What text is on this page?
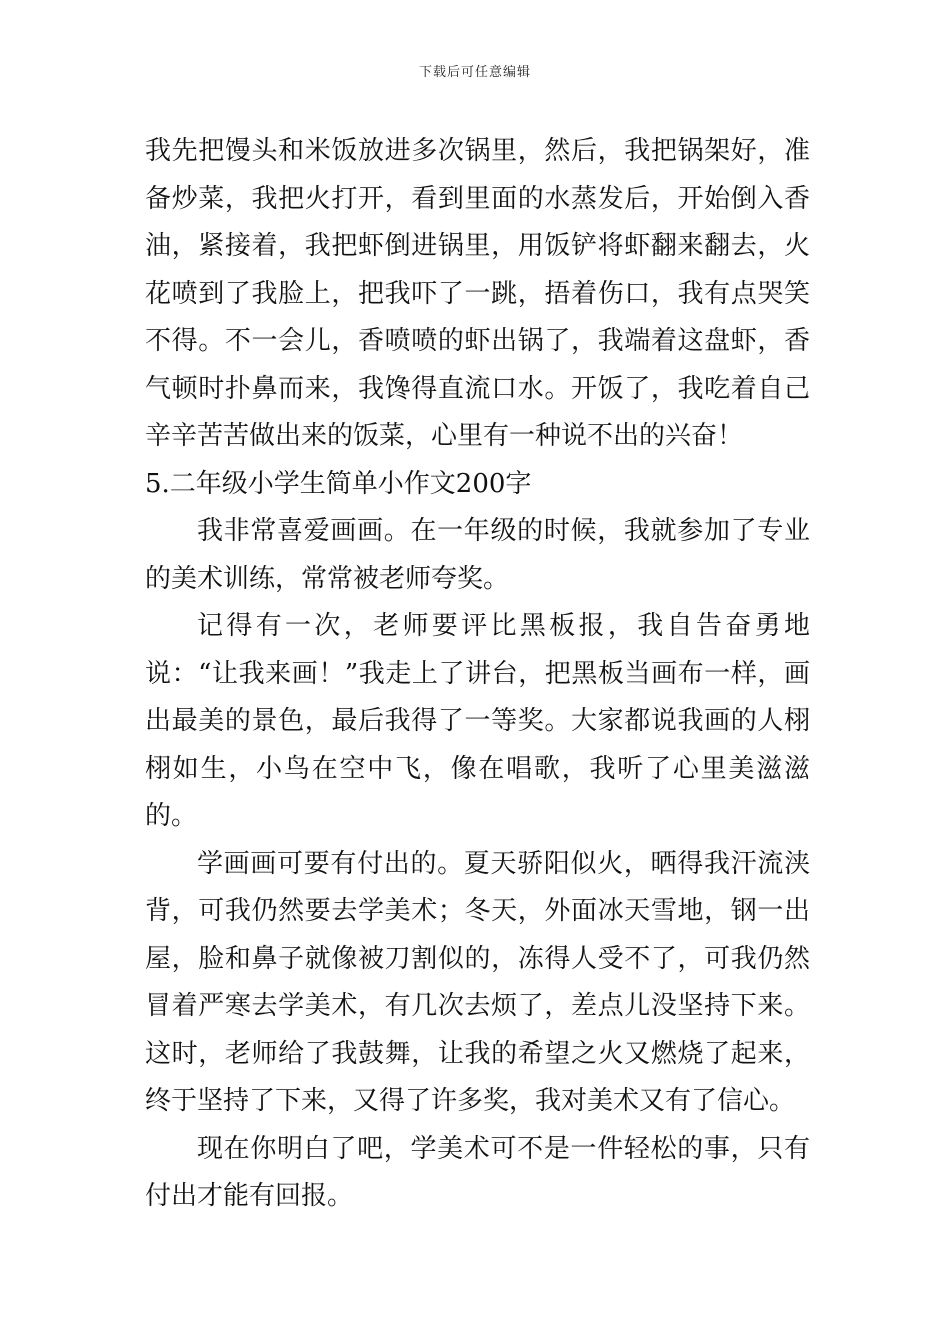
下载后可任意编辑

我先把馒头和米饭放进多次锅里，然后，我把锅架好，准备炒菜，我把火打开，看到里面的水蒸发后，开始倒入香油，紧接着，我把虾倒进锅里，用饭铲将虾翻来翻去，火花喷到了我脸上，把我吓了一跳，捂着伤口，我有点哭笑不得。不一会儿，香喷喷的虾出锅了，我端着这盘虾，香气顿时扑鼻而来，我馋得直流口水。开饭了，我吃着自己辛辛苦苦做出来的饭菜，心里有一种说不出的兴奋！

5.二年级小学生简单小作文200字

我非常喜爱画画。在一年级的时候，我就参加了专业的美术训练，常常被老师夸奖。

记得有一次，老师要评比黑板报，我自告奋勇地说：“让我来画！”我走上了讲台，把黑板当画布一样，画出最美的景色，最后我得了一等奖。大家都说我画的人栩栩如生，小鸟在空中飞，像在唱歌，我听了心里美滋滋的。

学画画可要有付出的。夏天骄阳似火，晒得我汗流浃背，可我仍然要去学美术；冬天，外面冰天雪地，钢一出屋，脸和鼻子就像被刀割似的，冻得人受不了，可我仍然冒着严寒去学美术，有几次去烦了，差点儿没坚持下来。这时，老师给了我鼓舞，让我的希望之火又燃烧了起来，终于坚持了下来，又得了许多奖，我对美术又有了信心。

现在你明白了吧，学美术可不是一件轻松的事，只有付出才能有回报。
